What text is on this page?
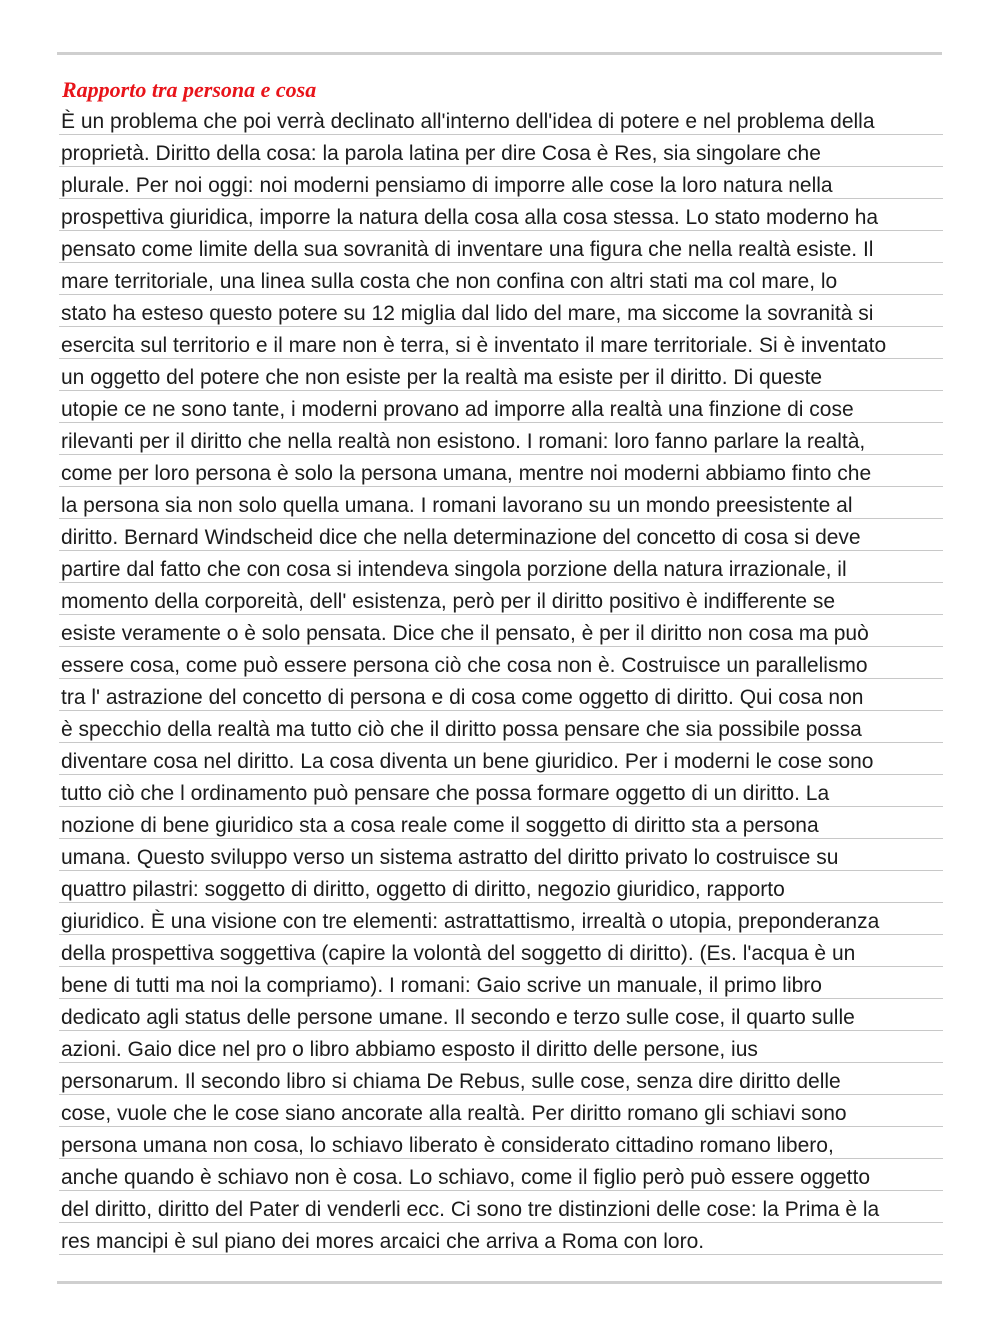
Rapporto tra persona e cosa
È un problema che poi verrà declinato all'interno dell'idea di potere e nel problema della
proprietà. Diritto della cosa: la parola latina per dire Cosa è Res, sia singolare che
plurale. Per noi oggi: noi moderni pensiamo di imporre alle cose la loro natura nella
prospettiva giuridica, imporre la natura della cosa alla cosa stessa. Lo stato moderno ha
pensato come limite della sua sovranità di inventare una figura che nella realtà esiste. Il
mare territoriale, una linea sulla costa che non confina con altri stati ma col mare, lo
stato ha esteso questo potere su 12 miglia dal lido del mare, ma siccome la sovranità si
esercita sul territorio e il mare non è terra, si è inventato il mare territoriale. Si è inventato
un oggetto del potere che non esiste per la realtà ma esiste per il diritto. Di queste
utopie ce ne sono tante, i moderni provano ad imporre alla realtà una finzione di cose
rilevanti per il diritto che nella realtà non esistono. I romani: loro fanno parlare la realtà,
come per loro persona è solo la persona umana, mentre noi moderni abbiamo finto che
la persona sia non solo quella umana. I romani lavorano su un mondo preesistente al
diritto. Bernard Windscheid dice che nella determinazione del concetto di cosa si deve
partire dal fatto che con cosa si intendeva singola porzione della natura irrazionale, il
momento della corporeità, dell' esistenza, però per il diritto positivo è indifferente se
esiste veramente o è solo pensata. Dice che il pensato, è per il diritto non cosa ma può
essere cosa, come può essere persona ciò che cosa non è. Costruisce un parallelismo
tra l' astrazione del concetto di persona e di cosa come oggetto di diritto. Qui cosa non
è specchio della realtà ma tutto ciò che il diritto possa pensare che sia possibile possa
diventare cosa nel diritto. La cosa diventa un bene giuridico. Per i moderni le cose sono
tutto ciò che l ordinamento può pensare che possa formare oggetto di un diritto. La
nozione di bene giuridico sta a cosa reale come il soggetto di diritto sta a persona
umana. Questo sviluppo verso un sistema astratto del diritto privato lo costruisce su
quattro pilastri: soggetto di diritto, oggetto di diritto, negozio giuridico, rapporto
giuridico. È una visione con tre elementi: astrattattismo, irrealtà o utopia, preponderanza
della prospettiva soggettiva (capire la volontà del soggetto di diritto). (Es. l'acqua è un
bene di tutti ma noi la compriamo). I romani: Gaio scrive un manuale, il primo libro
dedicato agli status delle persone umane. Il secondo e terzo sulle cose, il quarto sulle
azioni. Gaio dice nel pro o libro abbiamo esposto il diritto delle persone, ius
personarum. Il secondo libro si chiama De Rebus, sulle cose, senza dire diritto delle
cose, vuole che le cose siano ancorate alla realtà. Per diritto romano gli schiavi sono
persona umana non cosa, lo schiavo liberato è considerato cittadino romano libero,
anche quando è schiavo non è cosa. Lo schiavo, come il figlio però può essere oggetto
del diritto, diritto del Pater di venderli ecc. Ci sono tre distinzioni delle cose: la Prima è la
res mancipi è sul piano dei mores arcaici che arriva a Roma con loro.
